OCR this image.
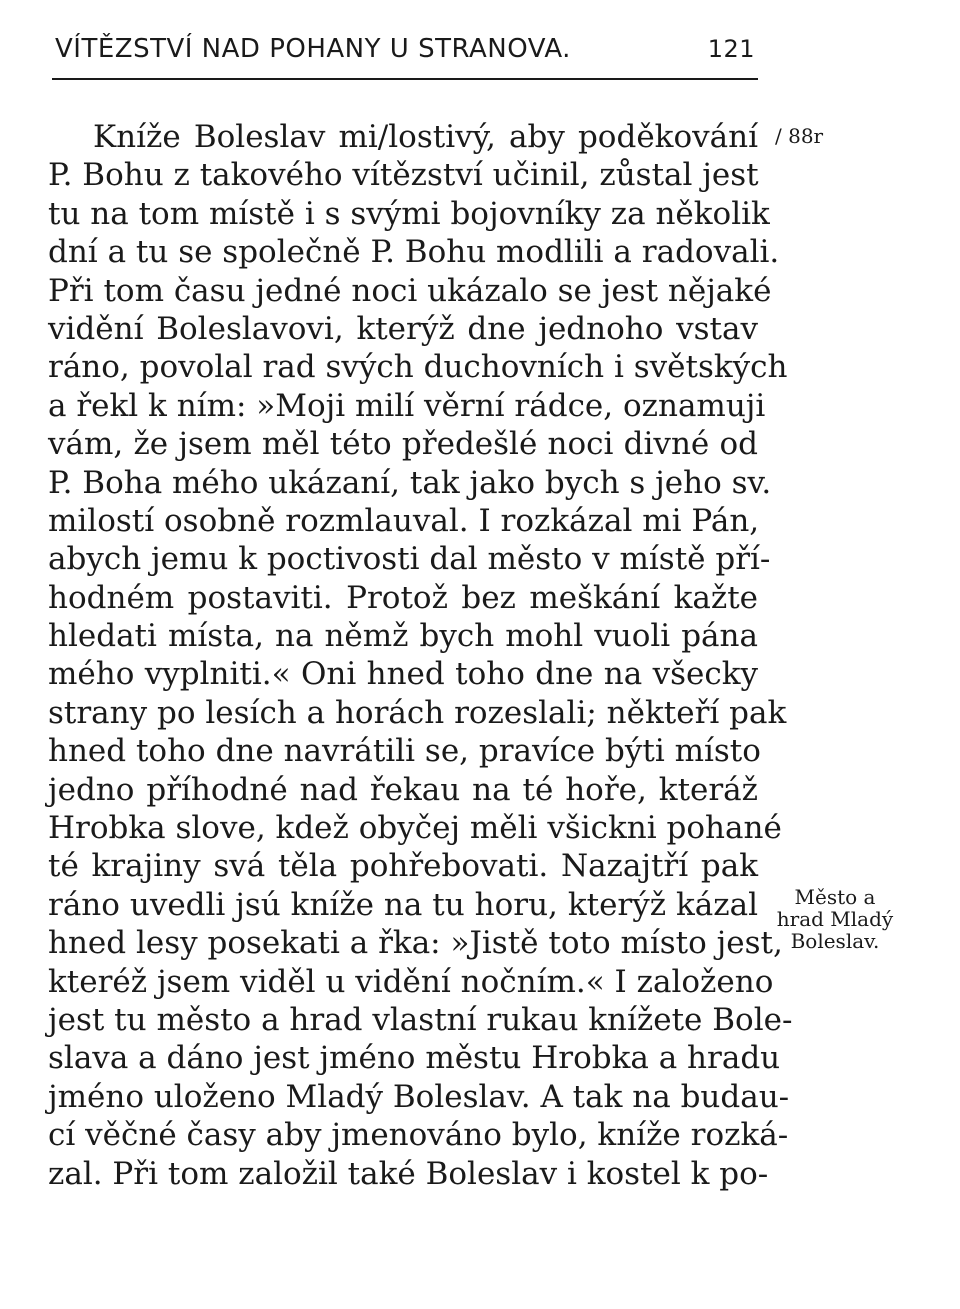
VÍTĚZSTVÍ NAD POHANY U STRANOVA.	121
/ 88r
Kníže Boleslav mi/lostivý, aby poděkování
P. Bohu z takového vítězství učinil, zůstal jest
tu na tom místě i s svými bojovníky za několik
dní a tu se společně P. Bohu modlili a radovali.
Při tom času jedné noci ukázalo se jest nějaké
vidění Boleslavovi, kterýž dne jednoho vstav
ráno, povolal rad svých duchovních i světských
a řekl k ním: »Moji milí věrní rádce, oznamuji
vám, že jsem měl této předešlé noci divné od
P. Boha mého ukázaní, tak jako bych s jeho sv.
milostí osobně rozmlauval. I rozkázal mi Pán,
abych jemu k poctivosti dal město v místě pří-
hodném postaviti. Protož bez meškání kažte
hledati místa, na němž bych mohl vuoli pána
mého vyplniti.« Oni hned toho dne na všecky
strany po lesích a horách rozeslali; někteří pak
hned toho dne navrátili se, pravíce býti místo
jedno příhodné nad řekau na té hoře, kteráž
Hrobka slove, kdež obyčej měli všickni pohané
té krajiny svá těla pohřebovati. Nazajtří pak
ráno uvedli jsú kníže na tu horu, kterýž kázal
hned lesy posekati a řka: »Jistě toto místo jest,
kteréž jsem viděl u vidění nočním.« I založeno
jest tu město a hrad vlastní rukau knížete Bole-
slava a dáno jest jméno městu Hrobka a hradu
jméno uloženo Mladý Boleslav. A tak na budau-
cí věčné časy aby jmenováno bylo, kníže rozká-
zal. Při tom založil také Boleslav i kostel k po-
Město a
hrad Mladý
Boleslav.
